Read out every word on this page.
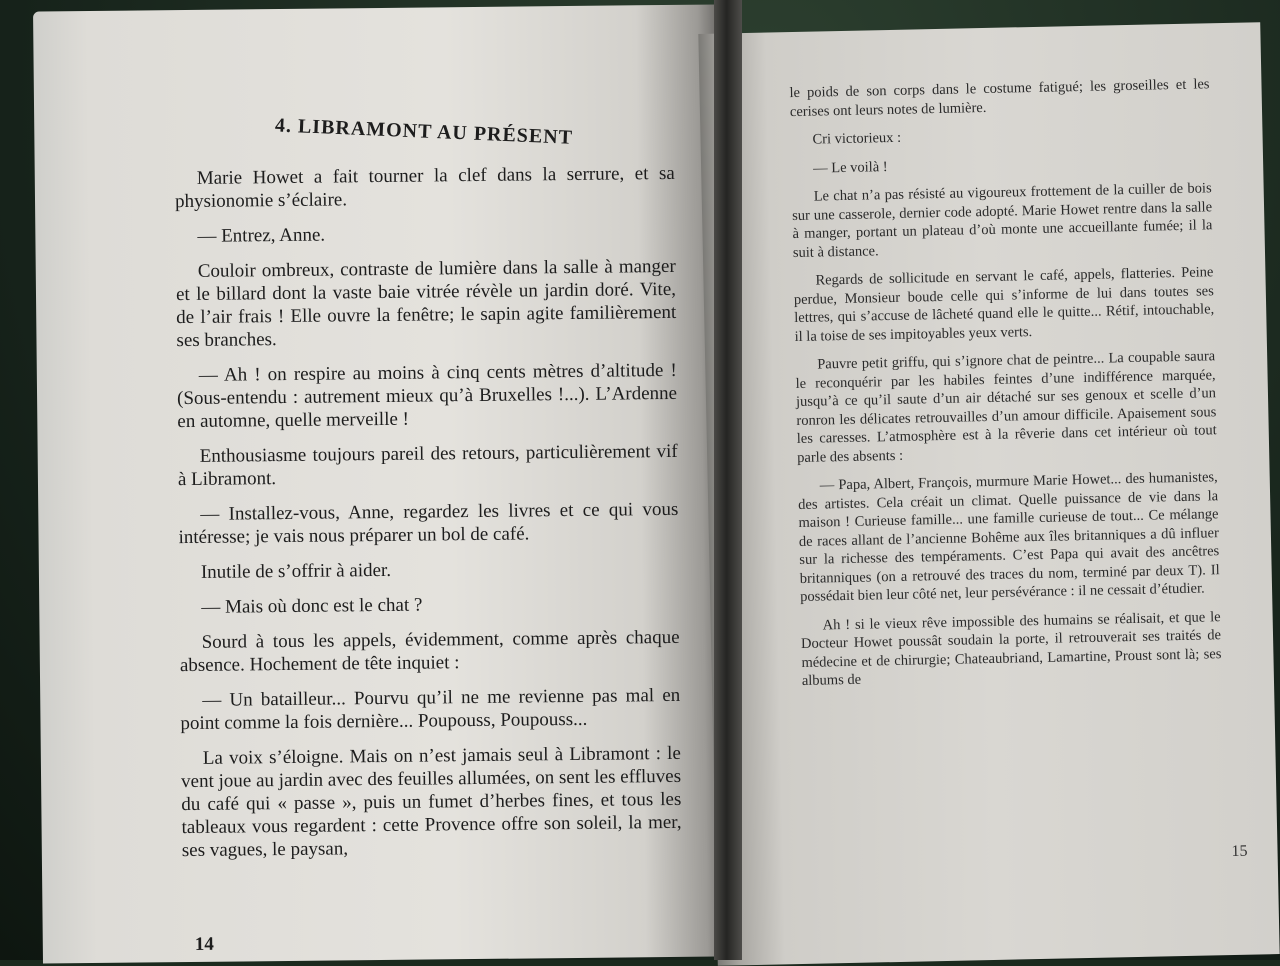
4. LIBRAMONT AU PRÉSENT

Marie Howet a fait tourner la clef dans la serrure, et sa physionomie s’éclaire.

— Entrez, Anne.

Couloir ombreux, contraste de lumière dans la salle à manger et le billard dont la vaste baie vitrée révèle un jardin doré. Vite, de l’air frais ! Elle ouvre la fenêtre; le sapin agite familièrement ses branches.

— Ah ! on respire au moins à cinq cents mètres d’altitude ! (Sous-entendu : autrement mieux qu’à Bruxelles !...). L’Ardenne en automne, quelle merveille !

Enthousiasme toujours pareil des retours, particulièrement vif à Libramont.

— Installez-vous, Anne, regardez les livres et ce qui vous intéresse; je vais nous préparer un bol de café.

Inutile de s’offrir à aider.

— Mais où donc est le chat ?

Sourd à tous les appels, évidemment, comme après chaque absence. Hochement de tête inquiet :

— Un batailleur... Pourvu qu’il ne me revienne pas mal en point comme la fois dernière... Poupouss, Poupouss...

La voix s’éloigne. Mais on n’est jamais seul à Libramont : le vent joue au jardin avec des feuilles allumées, on sent les effluves du café qui « passe », puis un fumet d’herbes fines, et tous les tableaux vous regardent : cette Provence offre son soleil, la mer, ses vagues, le paysan,

14

le poids de son corps dans le costume fatigué; les groseilles et les cerises ont leurs notes de lumière.

Cri victorieux :

— Le voilà !

Le chat n’a pas résisté au vigoureux frottement de la cuiller de bois sur une casserole, dernier code adopté. Marie Howet rentre dans la salle à manger, portant un plateau d’où monte une accueillante fumée; il la suit à distance.

Regards de sollicitude en servant le café, appels, flatteries. Peine perdue, Monsieur boude celle qui s’informe de lui dans toutes ses lettres, qui s’accuse de lâcheté quand elle le quitte... Rétif, intouchable, il la toise de ses impitoyables yeux verts.

Pauvre petit griffu, qui s’ignore chat de peintre... La coupable saura le reconquérir par les habiles feintes d’une indifférence marquée, jusqu’à ce qu’il saute d’un air détaché sur ses genoux et scelle d’un ronron les délicates retrouvailles d’un amour difficile. Apaisement sous les caresses. L’atmosphère est à la rêverie dans cet intérieur où tout parle des absents :

— Papa, Albert, François, murmure Marie Howet... des humanistes, des artistes. Cela créait un climat. Quelle puissance de vie dans la maison ! Curieuse famille... une famille curieuse de tout... Ce mélange de races allant de l’ancienne Bohême aux îles britanniques a dû influer sur la richesse des tempéraments. C’est Papa qui avait des ancêtres britanniques (on a retrouvé des traces du nom, terminé par deux T). Il possédait bien leur côté net, leur persévérance : il ne cessait d’étudier.

Ah ! si le vieux rêve impossible des humains se réalisait, et que le Docteur Howet poussât soudain la porte, il retrouverait ses traités de médecine et de chirurgie; Chateaubriand, Lamartine, Proust sont là; ses albums de

15
